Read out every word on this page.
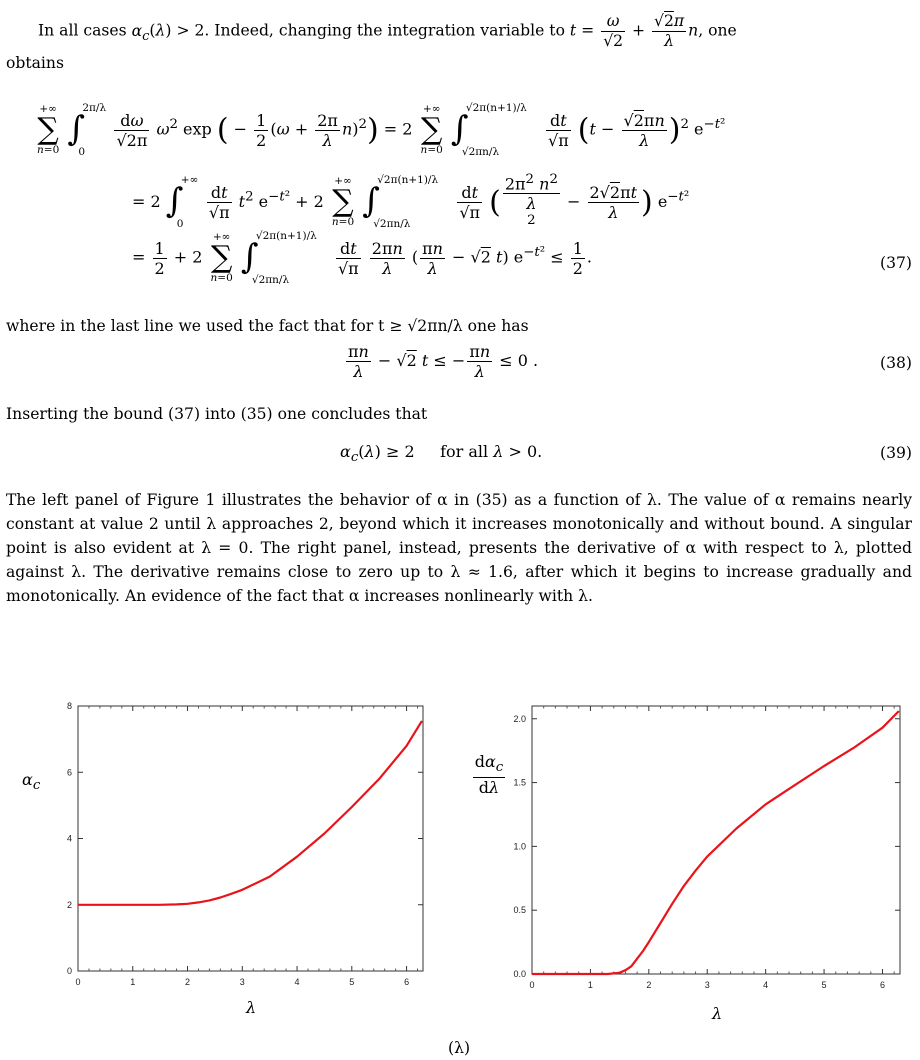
In all cases $\alpha_c(\lambda) > 2$. Indeed, changing the integration variable to $t = \frac{\omega}{√2} + \frac{√2\pi}{\lambda} n$, one
obtains
+∞
∑
n=0

∫
2π/λ
0

$\frac{d\omega}{√2\pi} \omega^2$ exp ( − $\frac{1}{2} (\omega + \frac{2\pi}{\lambda} n)^2) = 2$
+∞
∑
n=0

∫
√2π(n+1)/λ
√2πn/λ

$\frac{dt}{√\pi} (t - \frac{√2\pi n}{\lambda} )^2$ $e^{-t^2}$
= 2 ∫
+∞
0

$\frac{dt}{√\pi} t^2$ $e^{-t^2} + 2$
+∞
∑
n=0

∫
√2π(n+1)/λ
√2πn/λ

$\frac{dt}{√\pi}$ (
$2\pi^2$ $n^2$
λ
$^2 - \frac{2√2\pi t}{\lambda}$ ) $e^{-t^2}$
= $\frac{1}{2} + 2$
+∞
∑
n=0

∫
√2π(n+1)/λ
√2πn/λ

$\frac{dt}{√\pi}$
$\frac{2\pi n}{\lambda}$ ( $\frac{\pi n}{\lambda} - √2$ t) $e^{-t^2} \le \frac{1}{2}$ .	(37)
where in the last line we used the fact that for t ≥ √2πn/λ one has
$\frac{\pi n}{\lambda} - √2$ t ≤ − $\frac{\pi n}{\lambda} \le 0$ .	(38)
Inserting the bound (37) into (35) one concludes that
$\alpha_c(\lambda) \ge 2$     for all λ > 0.	(39)
The left panel of Figure 1 illustrates the behavior of α in (35) as a function of λ. The value of α remains nearly constant at value 2 until λ approaches 2, beyond which it increases monotonically and without bound. A singular point is also evident at λ = 0. The right panel, instead, presents the derivative of α with respect to λ, plotted against λ. The derivative remains close to zero up to λ ≈ 1.6, after which it begins to increase gradually and monotonically. An evidence of the fact that α increases nonlinearly with λ.
$\alpha_c$
0	1	2	3	4	5	6
0
2
4
6
8
λ
$\frac{d\alpha_c}{d\lambda}$
0	1	2	3	4	5	6
0.0
0.5
1.0
1.5
2.0
λ
(λ)
